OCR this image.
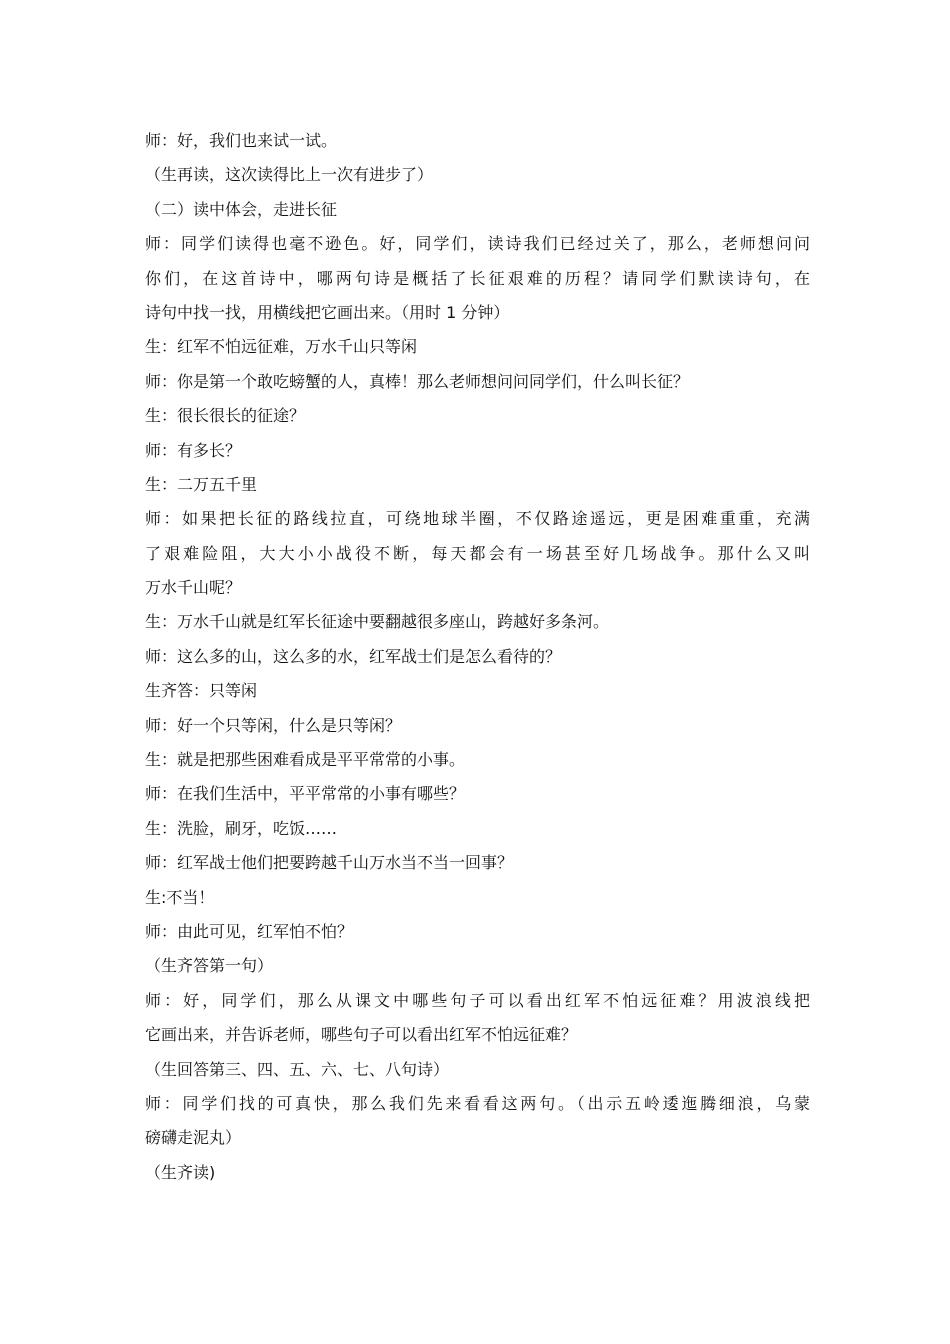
师：好，我们也来试一试。
（生再读，这次读得比上一次有进步了）
（二）读中体会，走进长征
师：同学们读得也毫不逊色。好，同学们，读诗我们已经过关了，那么，老师想问问
你们，在这首诗中，哪两句诗是概括了长征艰难的历程？请同学们默读诗句，在
诗句中找一找，用横线把它画出来。（用时 1 分钟）
生：红军不怕远征难，万水千山只等闲
师：你是第一个敢吃螃蟹的人，真棒！那么老师想问问同学们，什么叫长征？
生：很长很长的征途？
师：有多长？
生：二万五千里
师：如果把长征的路线拉直，可绕地球半圈，不仅路途遥远，更是困难重重，充满
了艰难险阻，大大小小战役不断，每天都会有一场甚至好几场战争。那什么又叫
万水千山呢？
生：万水千山就是红军长征途中要翻越很多座山，跨越好多条河。
师：这么多的山，这么多的水，红军战士们是怎么看待的？
生齐答：只等闲
师：好一个只等闲，什么是只等闲？
生：就是把那些困难看成是平平常常的小事。
师：在我们生活中，平平常常的小事有哪些？
生：洗脸，刷牙，吃饭……
师：红军战士他们把要跨越千山万水当不当一回事？
生:不当！
师：由此可见，红军怕不怕？
（生齐答第一句）
师：好，同学们，那么从课文中哪些句子可以看出红军不怕远征难？用波浪线把
它画出来，并告诉老师，哪些句子可以看出红军不怕远征难？
（生回答第三、四、五、六、七、八句诗）
师：同学们找的可真快，那么我们先来看看这两句。（出示五岭逶迤腾细浪，乌蒙
磅礴走泥丸）
（生齐读)
